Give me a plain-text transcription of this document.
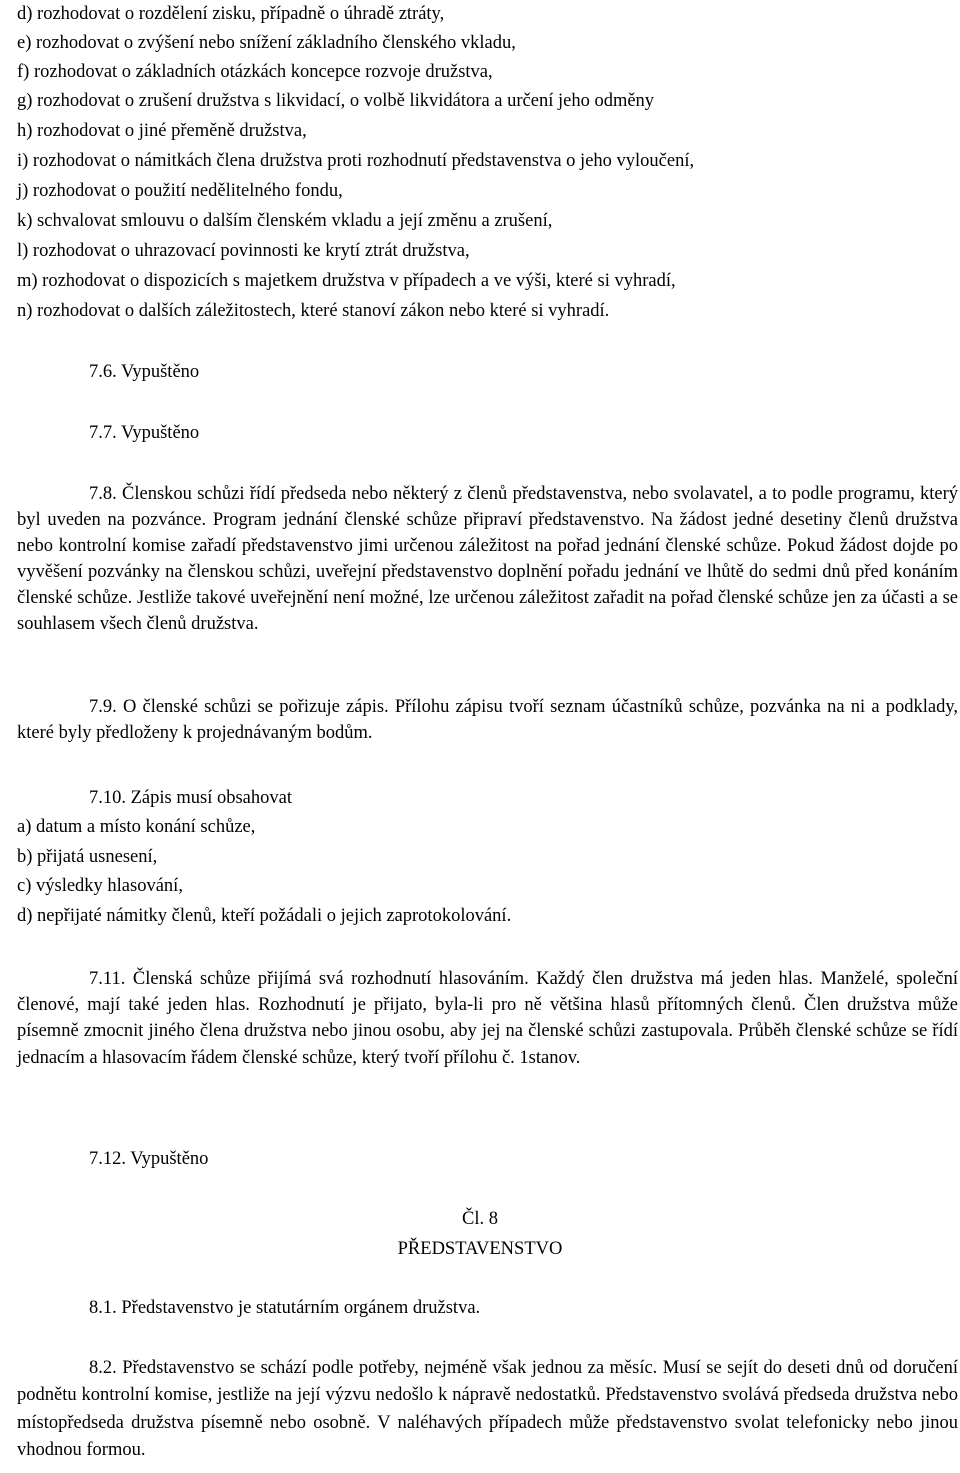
d) rozhodovat o rozdělení zisku, případně o úhradě ztráty,
e) rozhodovat o zvýšení nebo snížení základního členského vkladu,
f) rozhodovat o základních otázkách koncepce rozvoje družstva,
g) rozhodovat o zrušení družstva s likvidací, o volbě likvidátora a určení jeho odměny
h) rozhodovat o jiné přeměně družstva,
i) rozhodovat o námitkách člena družstva proti rozhodnutí představenstva o jeho vyloučení,
j) rozhodovat o použití nedělitelného fondu,
k) schvalovat smlouvu o dalším členském vkladu a její změnu a zrušení,
l) rozhodovat o uhrazovací povinnosti ke krytí ztrát družstva,
m) rozhodovat o dispozicích s majetkem družstva v případech a ve výši, které si vyhradí,
n) rozhodovat o dalších záležitostech, které stanoví zákon nebo které si vyhradí.
7.6. Vypuštěno
7.7. Vypuštěno
7.8. Členskou schůzi řídí předseda nebo některý z členů představenstva, nebo svolavatel, a to podle programu, který byl uveden na pozvánce. Program jednání členské schůze připraví představenstvo. Na žádost jedné desetiny členů družstva nebo kontrolní komise zařadí představenstvo jimi určenou záležitost na pořad jednání členské schůze. Pokud žádost dojde po vyvěšení pozvánky na členskou schůzi, uveřejní představenstvo doplnění pořadu jednání ve lhůtě do sedmi dnů před konáním členské schůze. Jestliže takové uveřejnění není možné, lze určenou záležitost zařadit na pořad členské schůze jen za účasti a se souhlasem všech členů družstva.
7.9. O členské schůzi se pořizuje zápis. Přílohu zápisu tvoří seznam účastníků schůze, pozvánka na ni a podklady, které byly předloženy k projednávaným bodům.
7.10. Zápis musí obsahovat
a) datum a místo konání schůze,
b) přijatá usnesení,
c) výsledky hlasování,
d) nepřijaté námitky členů, kteří požádali o jejich zaprotokolování.
7.11. Členská schůze přijímá svá rozhodnutí hlasováním. Každý člen družstva má jeden hlas. Manželé, společní členové, mají také jeden hlas. Rozhodnutí je přijato, byla-li pro ně většina hlasů přítomných členů. Člen družstva může písemně zmocnit jiného člena družstva nebo jinou osobu, aby jej na členské schůzi zastupovala. Průběh členské schůze se řídí jednacím a hlasovacím řádem členské schůze, který tvoří přílohu č. 1stanov.
7.12. Vypuštěno
Čl. 8
PŘEDSTAVENSTVO
8.1. Představenstvo je statutárním orgánem družstva.
8.2. Představenstvo se schází podle potřeby, nejméně však jednou za měsíc. Musí se sejít do deseti dnů od doručení podnětu kontrolní komise, jestliže na její výzvu nedošlo k nápravě nedostatků. Představenstvo svolává předseda družstva nebo místopředseda družstva písemně nebo osobně. V naléhavých případech může představenstvo svolat telefonicky nebo jinou vhodnou formou.
